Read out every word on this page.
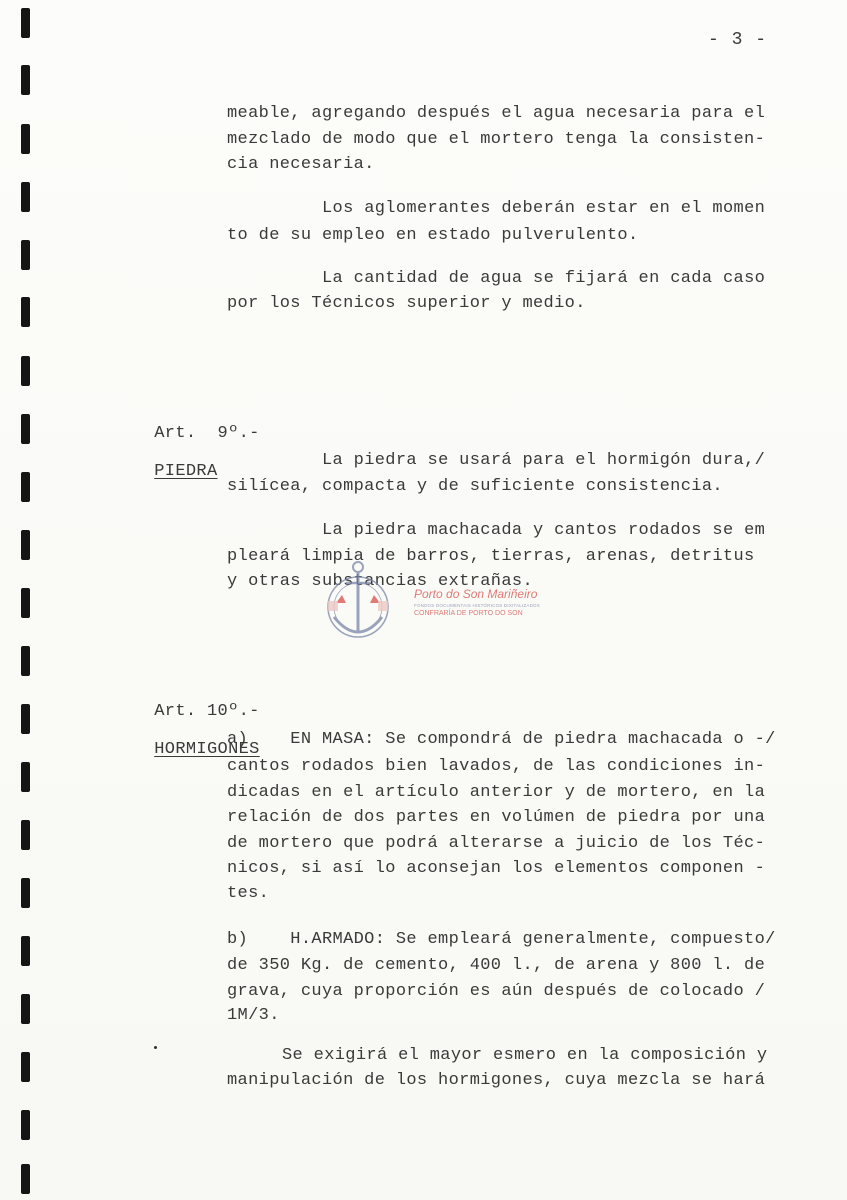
- 3 -
meable, agregando después el agua necesaria para el
mezclado de modo que el mortero tenga la consisten-
cia necesaria.
Los aglomerantes deberán estar en el momen
to de su empleo en estado pulverulento.
La cantidad de agua se fijará en cada caso
por los Técnicos superior y medio.

Art.  9º.-

PIEDRA

La piedra se usará para el hormigón dura,/
silícea, compacta y de suficiente consistencia.
La piedra machacada y cantos rodados se em
pleará limpia de barros, tierras, arenas, detritus
y otras substancias extrañas.
Porto do Son Mariñeiro
FONDOS DOCUMENTAIS HISTÓRICOS DIXITALIZADOS
CONFRARÍA DE PORTO DO SON

Art. 10º.-

HORMIGONES

a)    EN MASA: Se compondrá de piedra machacada o -/
cantos rodados bien lavados, de las condiciones in-
dicadas en el artículo anterior y de mortero, en la
relación de dos partes en volúmen de piedra por una
de mortero que podrá alterarse a juicio de los Téc-
nicos, si así lo aconsejan los elementos componen -
tes.
b)    H.ARMADO: Se empleará generalmente, compuesto/
de 350 Kg. de cemento, 400 l., de arena y 800 l. de
grava, cuya proporción es aún después de colocado /
1M/3.
Se exigirá el mayor esmero en la composición y
manipulación de los hormigones, cuya mezcla se hará
